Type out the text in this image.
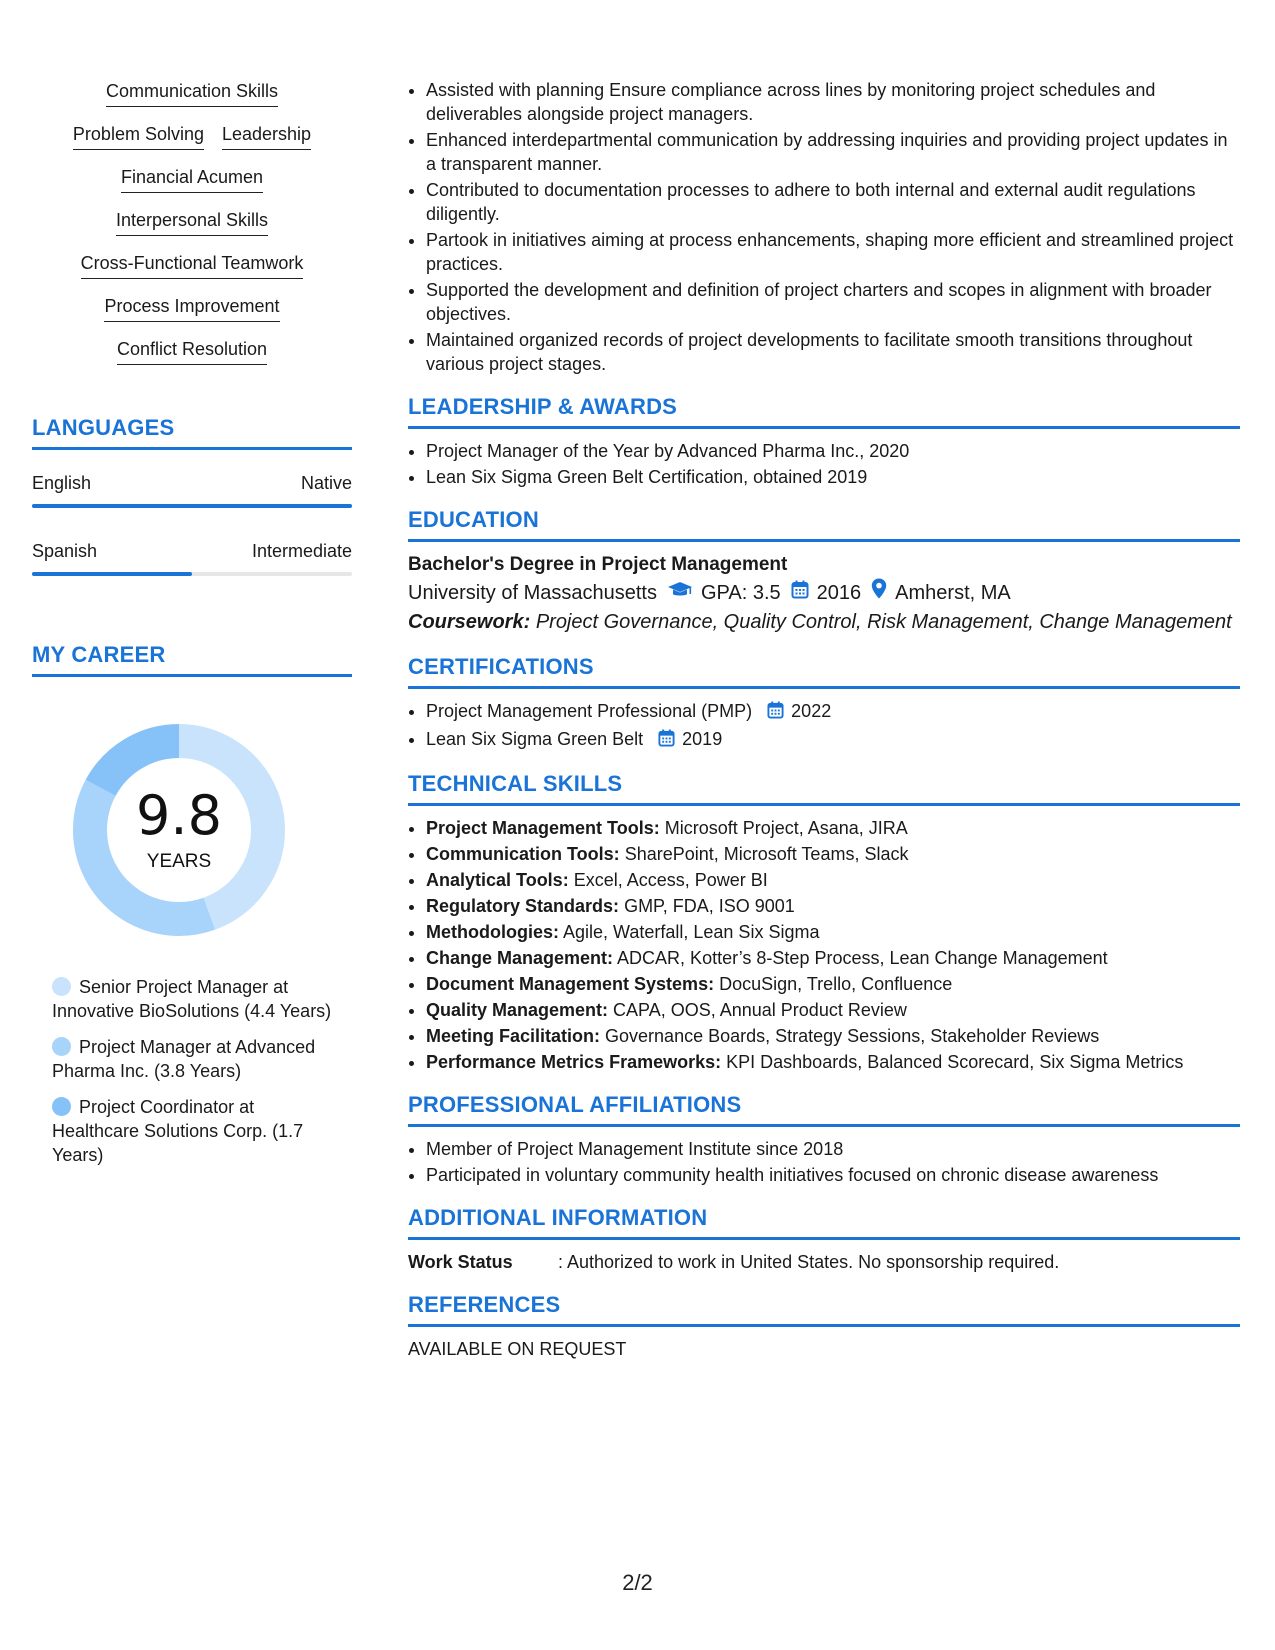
Communication Skills
Problem Solving Leadership
Financial Acumen
Interpersonal Skills
Cross-Functional Teamwork
Process Improvement
Conflict Resolution
LANGUAGES
English	Native
Spanish	Intermediate
MY CAREER
9.8
YEARS
Senior Project Manager at Innovative BioSolutions (4.4 Years)
Project Manager at Advanced Pharma Inc. (3.8 Years)
Project Coordinator at Healthcare Solutions Corp. (1.7 Years)
• Assisted with planning Ensure compliance across lines by monitoring project schedules and deliverables alongside project managers.
• Enhanced interdepartmental communication by addressing inquiries and providing project updates in a transparent manner.
• Contributed to documentation processes to adhere to both internal and external audit regulations diligently.
• Partook in initiatives aiming at process enhancements, shaping more efficient and streamlined project practices.
• Supported the development and definition of project charters and scopes in alignment with broader objectives.
• Maintained organized records of project developments to facilitate smooth transitions throughout various project stages.
LEADERSHIP & AWARDS
• Project Manager of the Year by Advanced Pharma Inc., 2020
• Lean Six Sigma Green Belt Certification, obtained 2019
EDUCATION
Bachelor's Degree in Project Management
University of Massachusetts GPA: 3.5 2016 Amherst, MA
Coursework: Project Governance, Quality Control, Risk Management, Change Management
CERTIFICATIONS
• Project Management Professional (PMP) 2022
• Lean Six Sigma Green Belt 2019
TECHNICAL SKILLS
• Project Management Tools: Microsoft Project, Asana, JIRA
• Communication Tools: SharePoint, Microsoft Teams, Slack
• Analytical Tools: Excel, Access, Power BI
• Regulatory Standards: GMP, FDA, ISO 9001
• Methodologies: Agile, Waterfall, Lean Six Sigma
• Change Management: ADCAR, Kotter’s 8-Step Process, Lean Change Management
• Document Management Systems: DocuSign, Trello, Confluence
• Quality Management: CAPA, OOS, Annual Product Review
• Meeting Facilitation: Governance Boards, Strategy Sessions, Stakeholder Reviews
• Performance Metrics Frameworks: KPI Dashboards, Balanced Scorecard, Six Sigma Metrics
PROFESSIONAL AFFILIATIONS
• Member of Project Management Institute since 2018
• Participated in voluntary community health initiatives focused on chronic disease awareness
ADDITIONAL INFORMATION
Work Status	: Authorized to work in United States. No sponsorship required.
REFERENCES
AVAILABLE ON REQUEST
2/2
